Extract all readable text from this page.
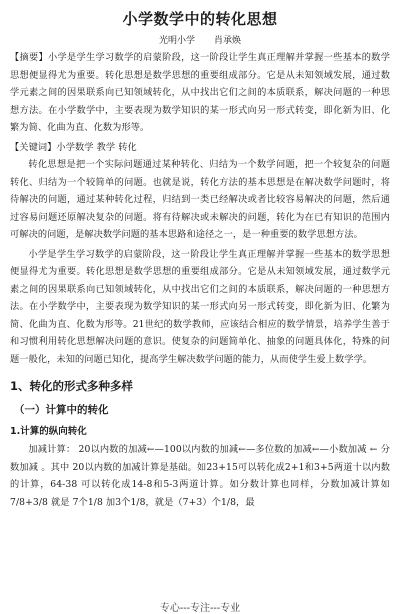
小学数学中的转化思想
光明小学 肖承焕

【摘要】小学是学生学习数学的启蒙阶段，这一阶段让学生真正理解并掌握一些基本的数学思想便显得尤为重要。转化思想是数学思想的重要组成部分。它是从未知领域发展，通过数学元素之间的因果联系向已知领域转化，从中找出它们之间的本质联系，解决问题的一种思想方法。在小学数学中，主要表现为数学知识的某一形式向另一形式转变，即化新为旧、化繁为简、化曲为直、化数为形等。

【关键词】小学数学 教学 转化

转化思想是把一个实际问题通过某种转化、归结为一个数学问题，把一个较复杂的问题转化、归结为一个较简单的问题。也就是说，转化方法的基本思想是在解决数学问题时，将待解决的问题，通过某种转化过程，归结到一类已经解决或者比较容易解决的问题，然后通过容易问题还原解决复杂的问题。将有待解决或未解决的问题，转化为在已有知识的范围内可解决的问题，是解决数学问题的基本思路和途径之一，是一种重要的数学思想方法。

小学是学生学习数学的启蒙阶段，这一阶段让学生真正理解并掌握一些基本的数学思想便显得尤为重要。转化思想是数学思想的重要组成部分。它是从未知领域发展，通过数学元素之间的因果联系向已知领域转化，从中找出它们之间的本质联系，解决问题的一种思想方法。在小学数学中，主要表现为数学知识的某一形式向另一形式转变，即化新为旧、化繁为简、化曲为直、化数为形等。21世纪的数学教师，应该结合相应的数学情景，培养学生善于和习惯利用转化思想解决问题的意识。使复杂的问题简单化、抽象的问题具体化，特殊的问题一般化，未知的问题已知化，提高学生解决数学问题的能力，从而使学生爱上数学学。

1、转化的形式多种多样
（一）计算中的转化
1.计算的纵向转化

加减计算： 20以内数的加减←—100以内数的加减←—多位数的加减←—小数加减 ← 分数加减 。其中 20以内数的加减计算是基础。如23+15可以转化成2+1和3+5两道十以内数的计算，64-38 可以转化成14-8和5-3两道计算。如分数计算也同样，分数加减计算如 7/8+3/8 就是 7个1/8 加3个1/8，就是（7+3）个1/8，最

专心---专注---专业
